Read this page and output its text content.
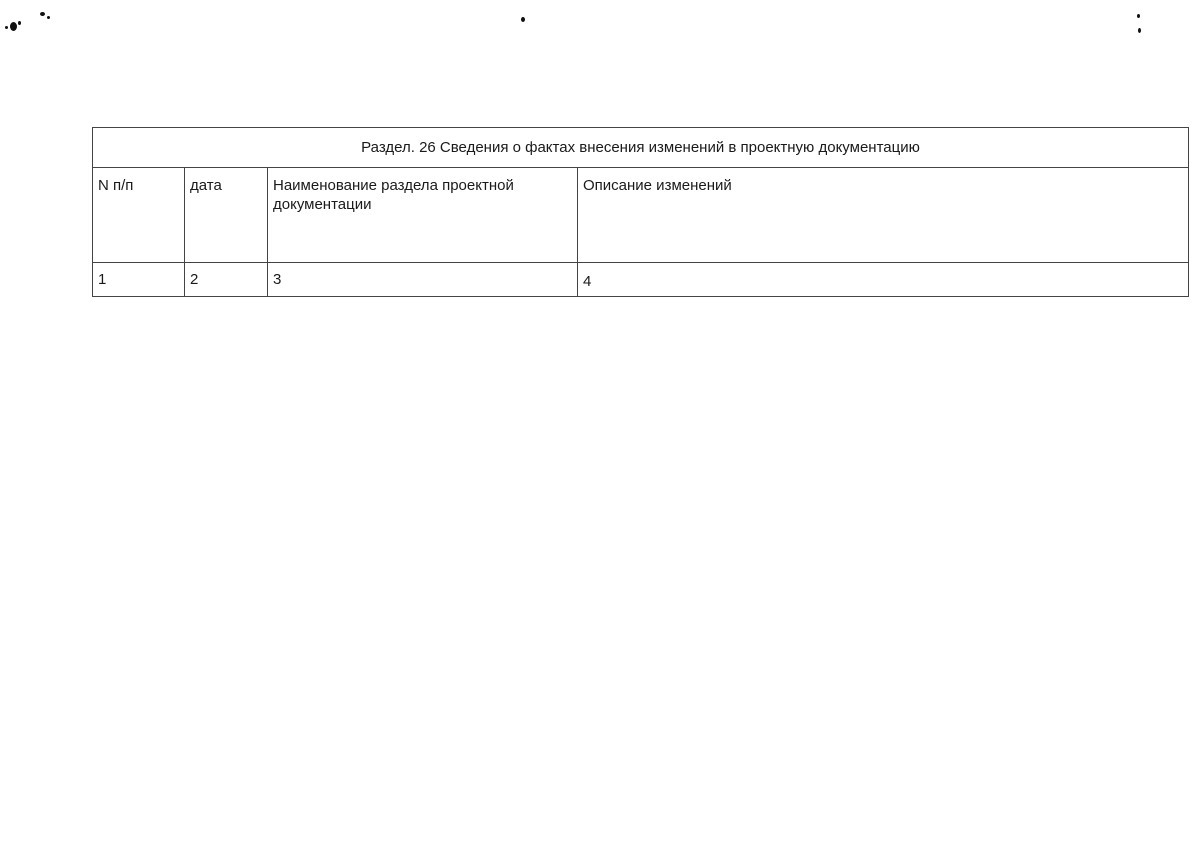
Раздел. 26 Сведения о фактах внесения изменений в проектную документацию			
N п/п	дата	Наименование раздела проектной документации	Описание изменений
1	2	3	4
